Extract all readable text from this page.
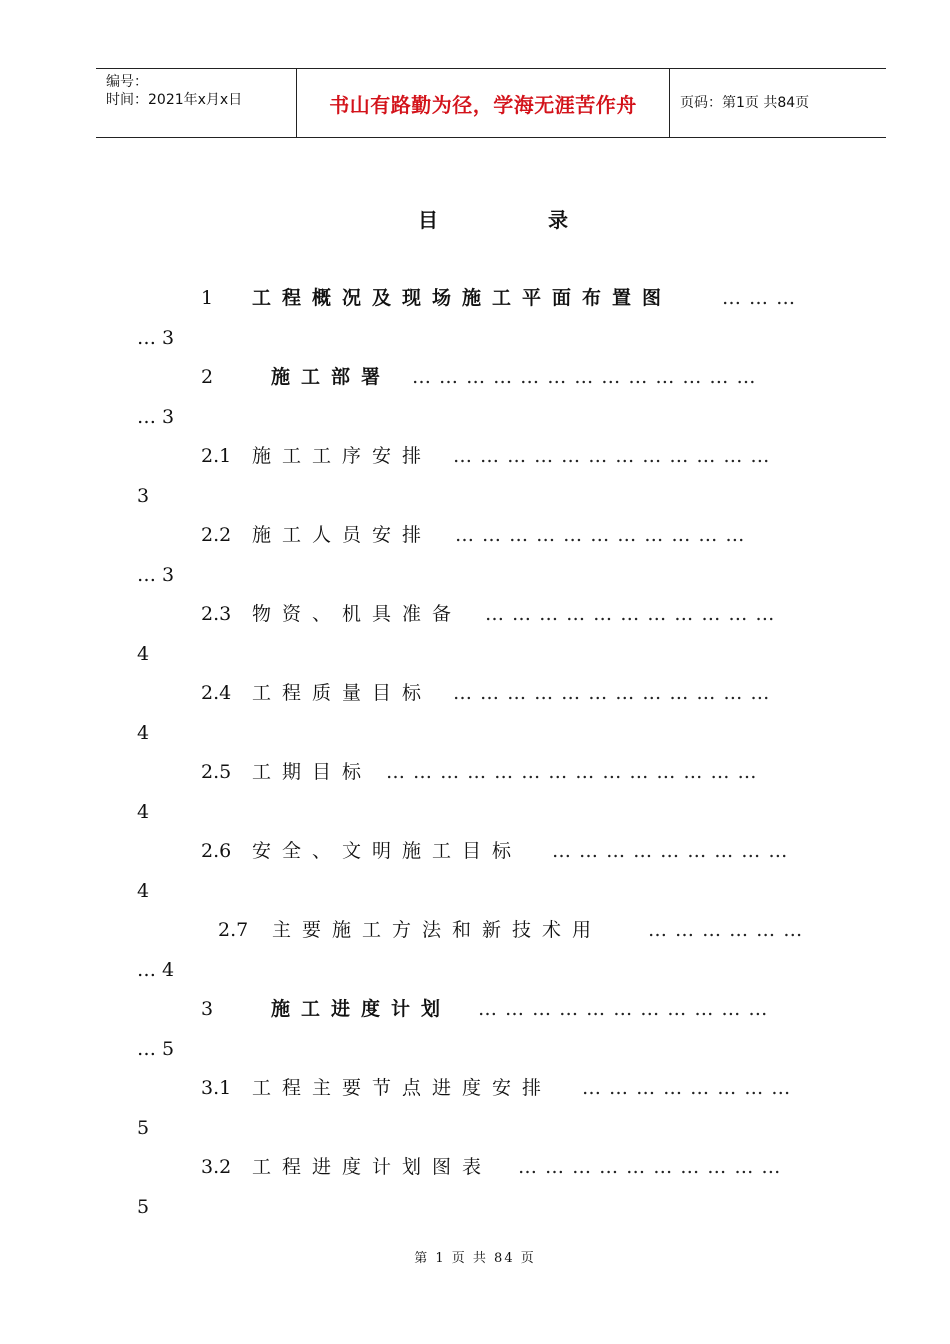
编号：
时间：2021年x月x日	书山有路勤为径，学海无涯苦作舟	页码：第1页 共84页
目	录
1 工程概况及现场施工平面布置图	… … …
… 3
2	施工部署 … … … … … … … … … … … … …
… 3
2.1 施工工序安排 … … … … … … … … … … … …
3
2.2 施工人员安排 … … … … … … … … … … …
… 3
2.3 物资、机具准备 … … … … … … … … … … …
4
2.4 工程质量目标 … … … … … … … … … … … …
4
2.5 工期目标 … … … … … … … … … … … … … …
4
2.6 安全、文明施工目标 … … … … … … … … …
4
2.7 主要施工方法和新技术用 … … … … … …
… 4
3	施工进度计划 … … … … … … … … … … …
… 5
3.1 工程主要节点进度安排 … … … … … … … …
5
3.2 工程进度计划图表 … … … … … … … … … …
5
第 1 页 共 84 页
